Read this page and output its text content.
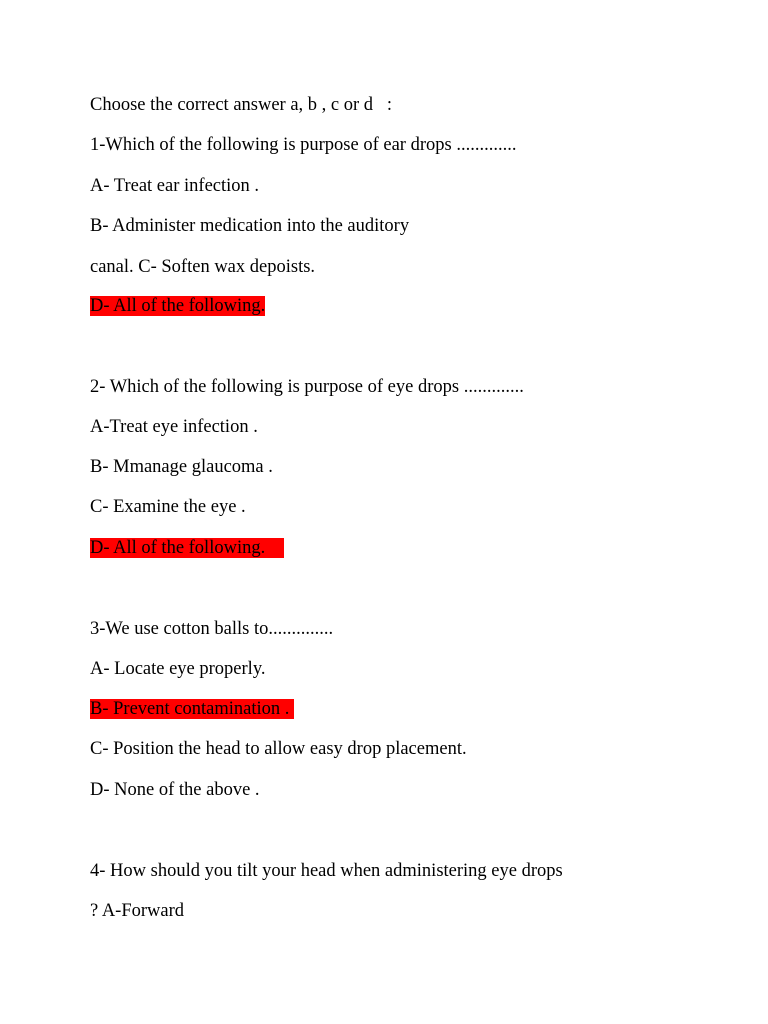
Choose the correct answer a, b , c or d   :

1-Which of the following is purpose of ear drops .............

A- Treat ear infection .

B- Administer medication into the auditory

canal. C- Soften wax depoists.

D- All of the following.

2- Which of the following is purpose of eye drops .............

A-Treat eye infection .

B- Mmanage glaucoma .

C- Examine the eye .

D- All of the following.

3-We use cotton balls to..............

A- Locate eye properly.

B- Prevent contamination .

C- Position the head to allow easy drop placement.

D- None of the above .

4- How should you tilt your head when administering eye drops

? A-Forward
